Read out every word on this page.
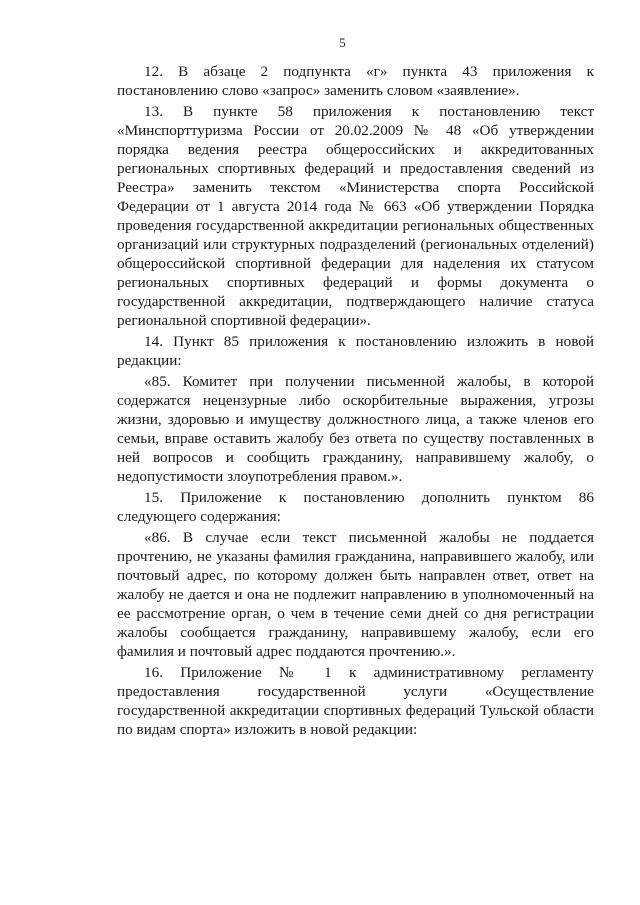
5

12. В абзаце 2 подпункта «г» пункта 43 приложения к постановлению слово «запрос» заменить словом «заявление».

13. В пункте 58 приложения к постановлению текст «Минспорттуризма России от 20.02.2009 № 48 «Об утверждении порядка ведения реестра общероссийских и аккредитованных региональных спортивных федераций и предоставления сведений из Реестра» заменить текстом «Министерства спорта Российской Федерации от 1 августа 2014 года № 663 «Об утверждении Порядка проведения государственной аккредитации региональных общественных организаций или структурных подразделений (региональных отделений) общероссийской спортивной федерации для наделения их статусом региональных спортивных федераций и формы документа о государственной аккредитации, подтверждающего наличие статуса региональной спортивной федерации».

14. Пункт 85 приложения к постановлению изложить в новой редакции:

«85. Комитет при получении письменной жалобы, в которой содержатся нецензурные либо оскорбительные выражения, угрозы жизни, здоровью и имуществу должностного лица, а также членов его семьи, вправе оставить жалобу без ответа по существу поставленных в ней вопросов и сообщить гражданину, направившему жалобу, о недопустимости злоупотребления правом.».

15. Приложение к постановлению дополнить пунктом 86 следующего содержания:

«86. В случае если текст письменной жалобы не поддается прочтению, не указаны фамилия гражданина, направившего жалобу, или почтовый адрес, по которому должен быть направлен ответ, ответ на жалобу не дается и она не подлежит направлению в уполномоченный на ее рассмотрение орган, о чем в течение семи дней со дня регистрации жалобы сообщается гражданину, направившему жалобу, если его фамилия и почтовый адрес поддаются прочтению.».

16. Приложение № 1 к административному регламенту предоставления государственной услуги «Осуществление государственной аккредитации спортивных федераций Тульской области по видам спорта» изложить в новой редакции:
